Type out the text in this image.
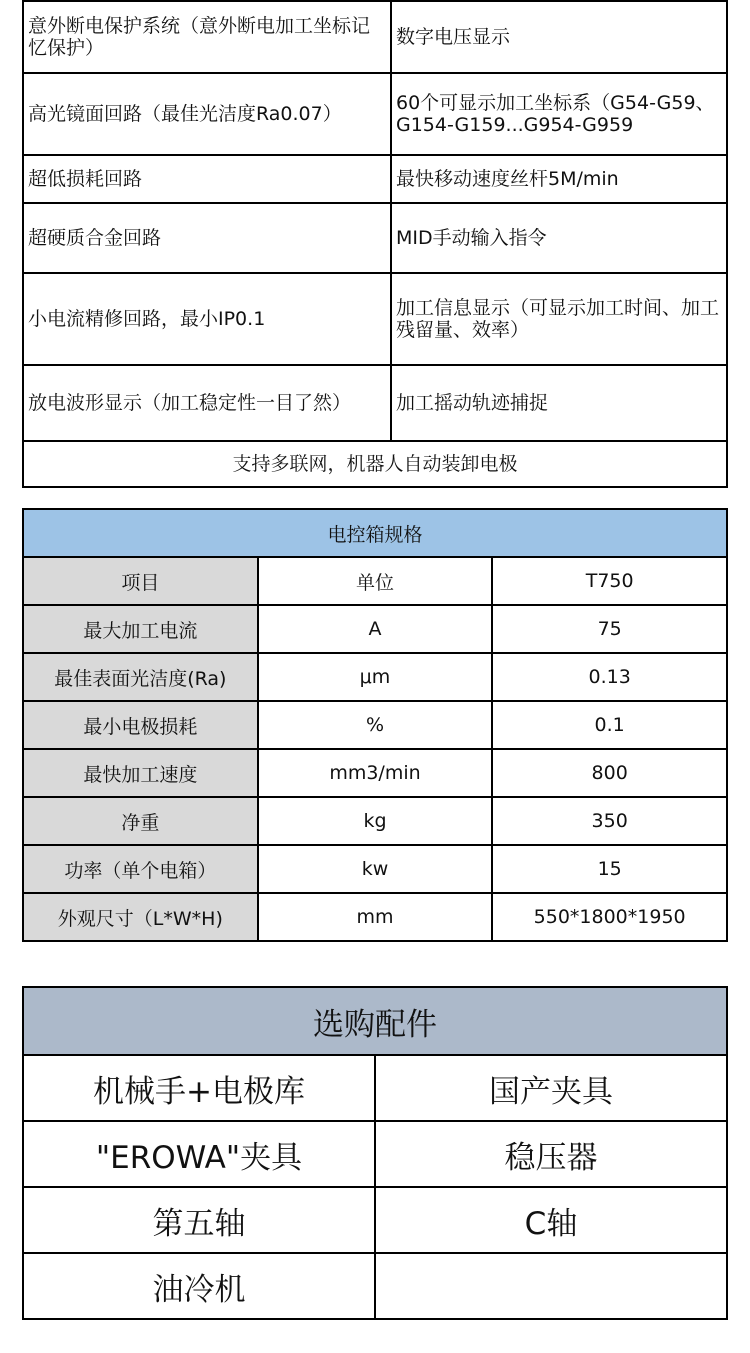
意外断电保护系统（意外断电加工坐标记忆保护）	数字电压显示
高光镜面回路（最佳光洁度Ra0.07）	60个可显示加工坐标系（G54-G59、G154-G159...G954-G959
超低损耗回路	最快移动速度丝杆5M/min
超硬质合金回路	MID手动输入指令
小电流精修回路，最小IP0.1	加工信息显示（可显示加工时间、加工残留量、效率）
放电波形显示（加工稳定性一目了然）	加工摇动轨迹捕捉
支持多联网，机器人自动装卸电极	
电控箱规格		
项目	单位	T750
最大加工电流	A	75
最佳表面光洁度(Ra)	μm	0.13
最小电极损耗	%	0.1
最快加工速度	mm3/min	800
净重	kg	350
功率（单个电箱）	kw	15
外观尺寸（L*W*H)	mm	550*1800*1950
选购配件	
机械手+电极库	国产夹具
"EROWA"夹具	稳压器
第五轴	C轴
油冷机	
